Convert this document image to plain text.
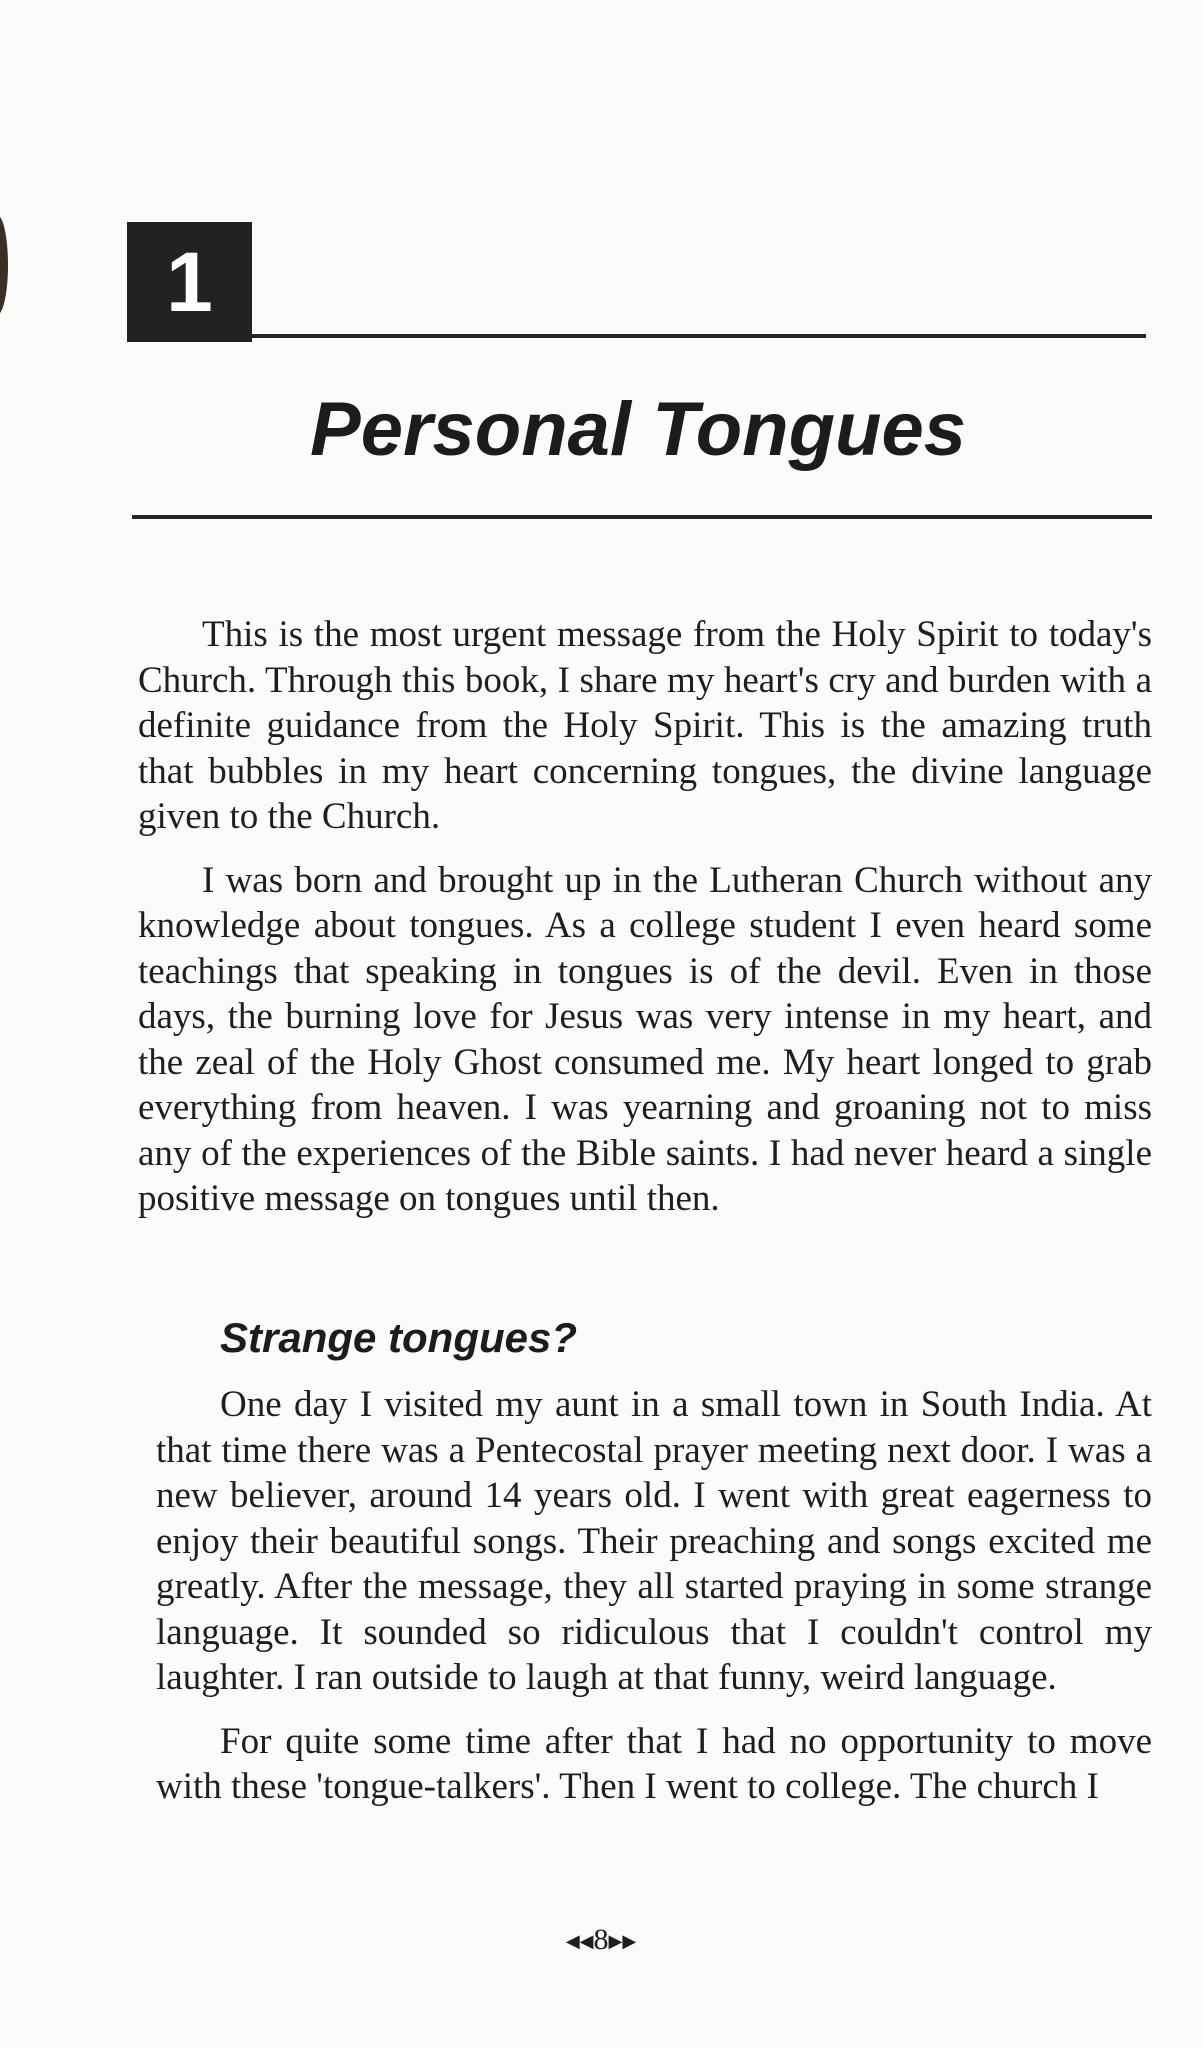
1
Personal Tongues

This is the most urgent message from the Holy Spirit to today's Church. Through this book, I share my heart's cry and burden with a definite guidance from the Holy Spirit. This is the amazing truth that bubbles in my heart concerning tongues, the divine language given to the Church.

I was born and brought up in the Lutheran Church without any knowledge about tongues. As a college student I even heard some teachings that speaking in tongues is of the devil. Even in those days, the burning love for Jesus was very intense in my heart, and the zeal of the Holy Ghost consumed me. My heart longed to grab everything from heaven. I was yearning and groaning not to miss any of the experiences of the Bible saints. I had never heard a single positive message on tongues until then.

Strange tongues?

One day I visited my aunt in a small town in South India. At that time there was a Pentecostal prayer meeting next door. I was a new believer, around 14 years old. I went with great eagerness to enjoy their beautiful songs. Their preaching and songs excited me greatly. After the message, they all started praying in some strange language. It sounded so ridiculous that I couldn't control my laughter. I ran outside to laugh at that funny, weird language.

For quite some time after that I had no opportunity to move with these 'tongue-talkers'. Then I went to college. The church I

◀◀8▶▶
